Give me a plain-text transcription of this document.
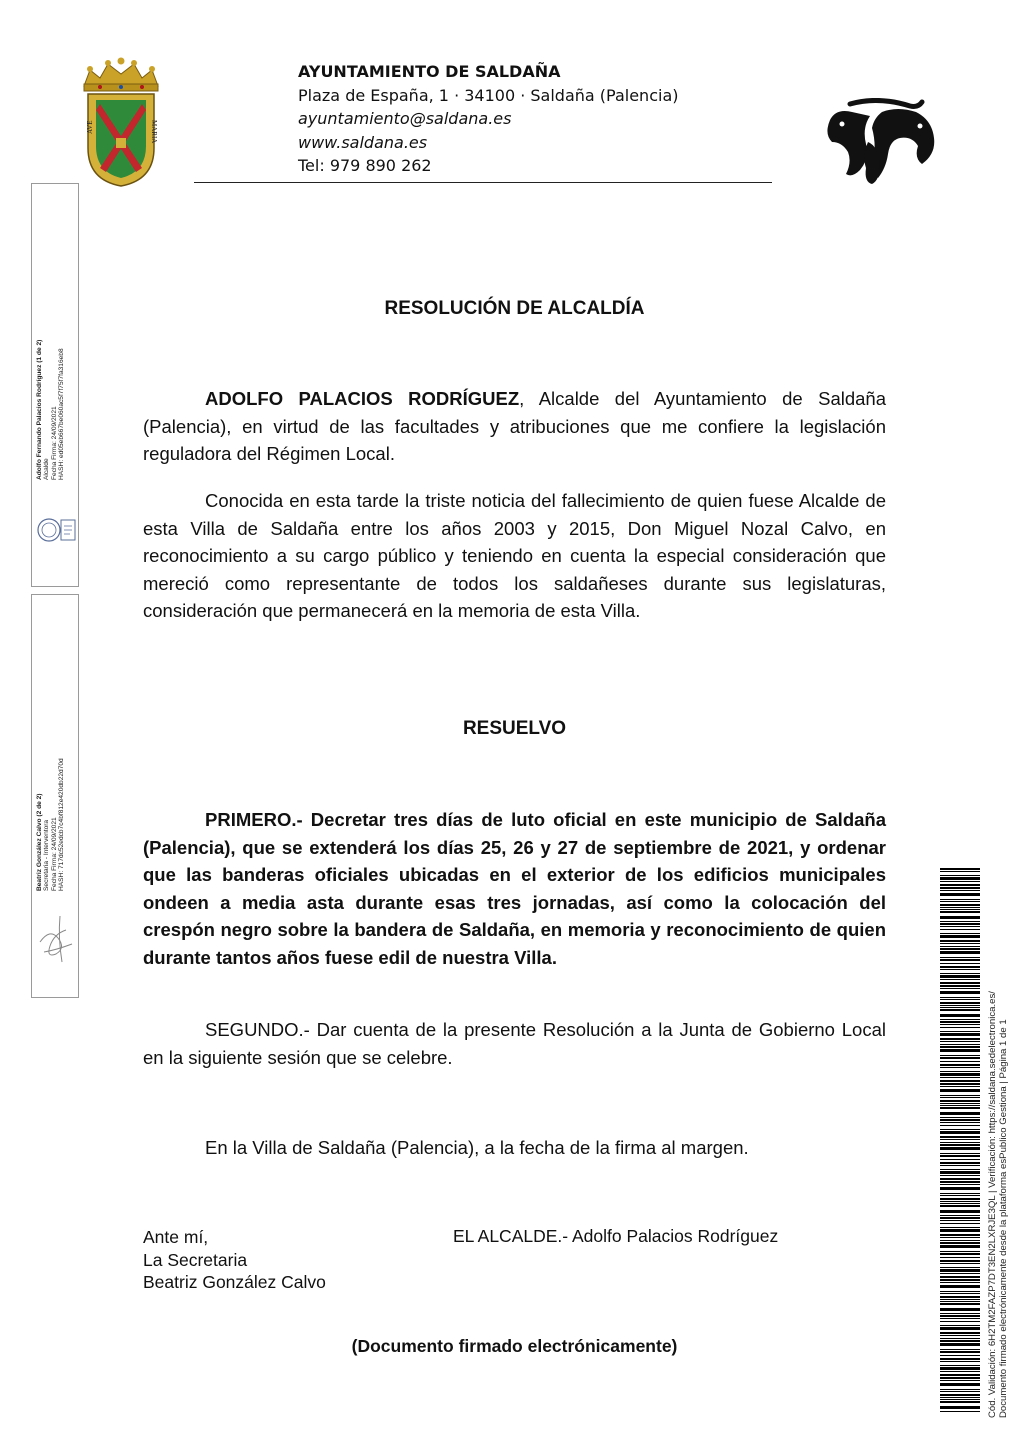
AVE	MARIA
AYUNTAMIENTO DE SALDAÑA
Plaza de España, 1 · 34100 · Saldaña (Palencia)
ayuntamiento@saldana.es
www.saldana.es
Tel: 979 890 262
Adolfo Fernando Palacios Rodríguez (1 de 2) Alcalde Fecha Firma: 24/09/2021 HASH: ed05eb667be060ac5f7f75f7fa316eb8
Beatriz González Calvo (2 de 2) Secretaria - Interventora Fecha Firma: 24/09/2021 HASH: 717dc52edcb7c4bf812e420db22d70d
RESOLUCIÓN DE ALCALDÍA
ADOLFO PALACIOS RODRÍGUEZ, Alcalde del Ayuntamiento de Saldaña (Palencia), en virtud de las facultades y atribuciones que me confiere la legislación reguladora del Régimen Local.
Conocida en esta tarde la triste noticia del fallecimiento de quien fuese Alcalde de esta Villa de Saldaña entre los años 2003 y 2015, Don Miguel Nozal Calvo, en reconocimiento a su cargo público y teniendo en cuenta la especial consideración que mereció como representante de todos los saldañeses durante sus legislaturas, consideración que permanecerá en la memoria de esta Villa.
RESUELVO
PRIMERO.- Decretar tres días de luto oficial en este municipio de Saldaña (Palencia), que se extenderá los días 25, 26 y 27 de septiembre de 2021, y ordenar que las banderas oficiales ubicadas en el exterior de los edificios municipales ondeen a media asta durante esas tres jornadas, así como la colocación del crespón negro sobre la bandera de Saldaña, en memoria y reconocimiento de quien durante tantos años fuese edil de nuestra Villa.
SEGUNDO.- Dar cuenta de la presente Resolución a la Junta de Gobierno Local en la siguiente sesión que se celebre.
En la Villa de Saldaña (Palencia), a la fecha de la firma al margen.
Ante mí,
La Secretaria
Beatriz González Calvo
EL ALCALDE.- Adolfo Palacios Rodríguez
(Documento firmado electrónicamente)	Cód. Validación: 6H2TM2FAZP7DT3EN2LXRJE3QL | Verificación: https://saldana.sedelectronica.es/ Documento firmado electrónicamente desde la plataforma esPublico Gestiona | Página 1 de 1
